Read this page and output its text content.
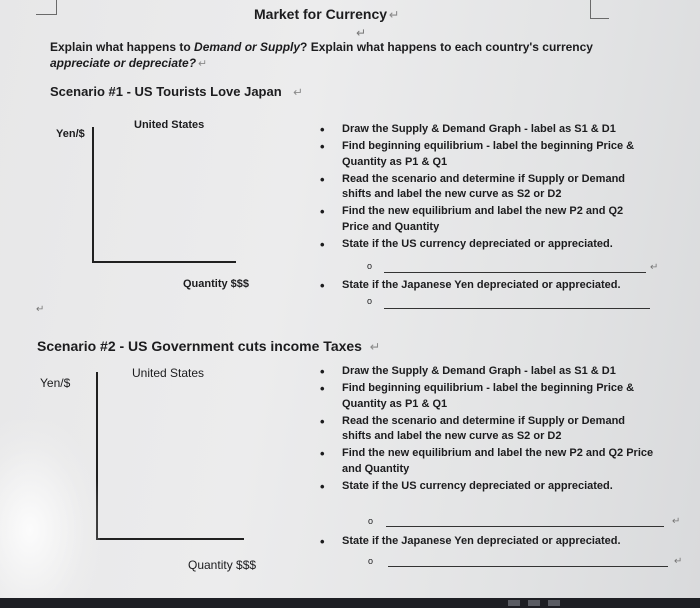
Market for Currency ↵
↵
Explain what happens to Demand or Supply? Explain what happens to each country's currency
appreciate or depreciate? ↵
Scenario #1 - US Tourists Love Japan ↵
United States
Yen/$
Quantity $$$
• Draw the Supply & Demand Graph - label as S1 & D1
• Find beginning equilibrium - label the beginning Price & Quantity as P1 & Q1
• Read the scenario and determine if Supply or Demand shifts and label the new curve as S2 or D2
• Find the new equilibrium and label the new P2 and Q2 Price and Quantity
• State if the US currency depreciated or appreciated.
o	↵
• State if the Japanese Yen depreciated or appreciated.
o
↵
Scenario #2 - US Government cuts income Taxes ↵
United States
Yen/$
Quantity $$$
• Draw the Supply & Demand Graph - label as S1 & D1
• Find beginning equilibrium - label the beginning Price & Quantity as P1 & Q1
• Read the scenario and determine if Supply or Demand shifts and label the new curve as S2 or D2
• Find the new equilibrium and label the new P2 and Q2 Price and Quantity
• State if the US currency depreciated or appreciated.
o	↵
• State if the Japanese Yen depreciated or appreciated.
o	↵
